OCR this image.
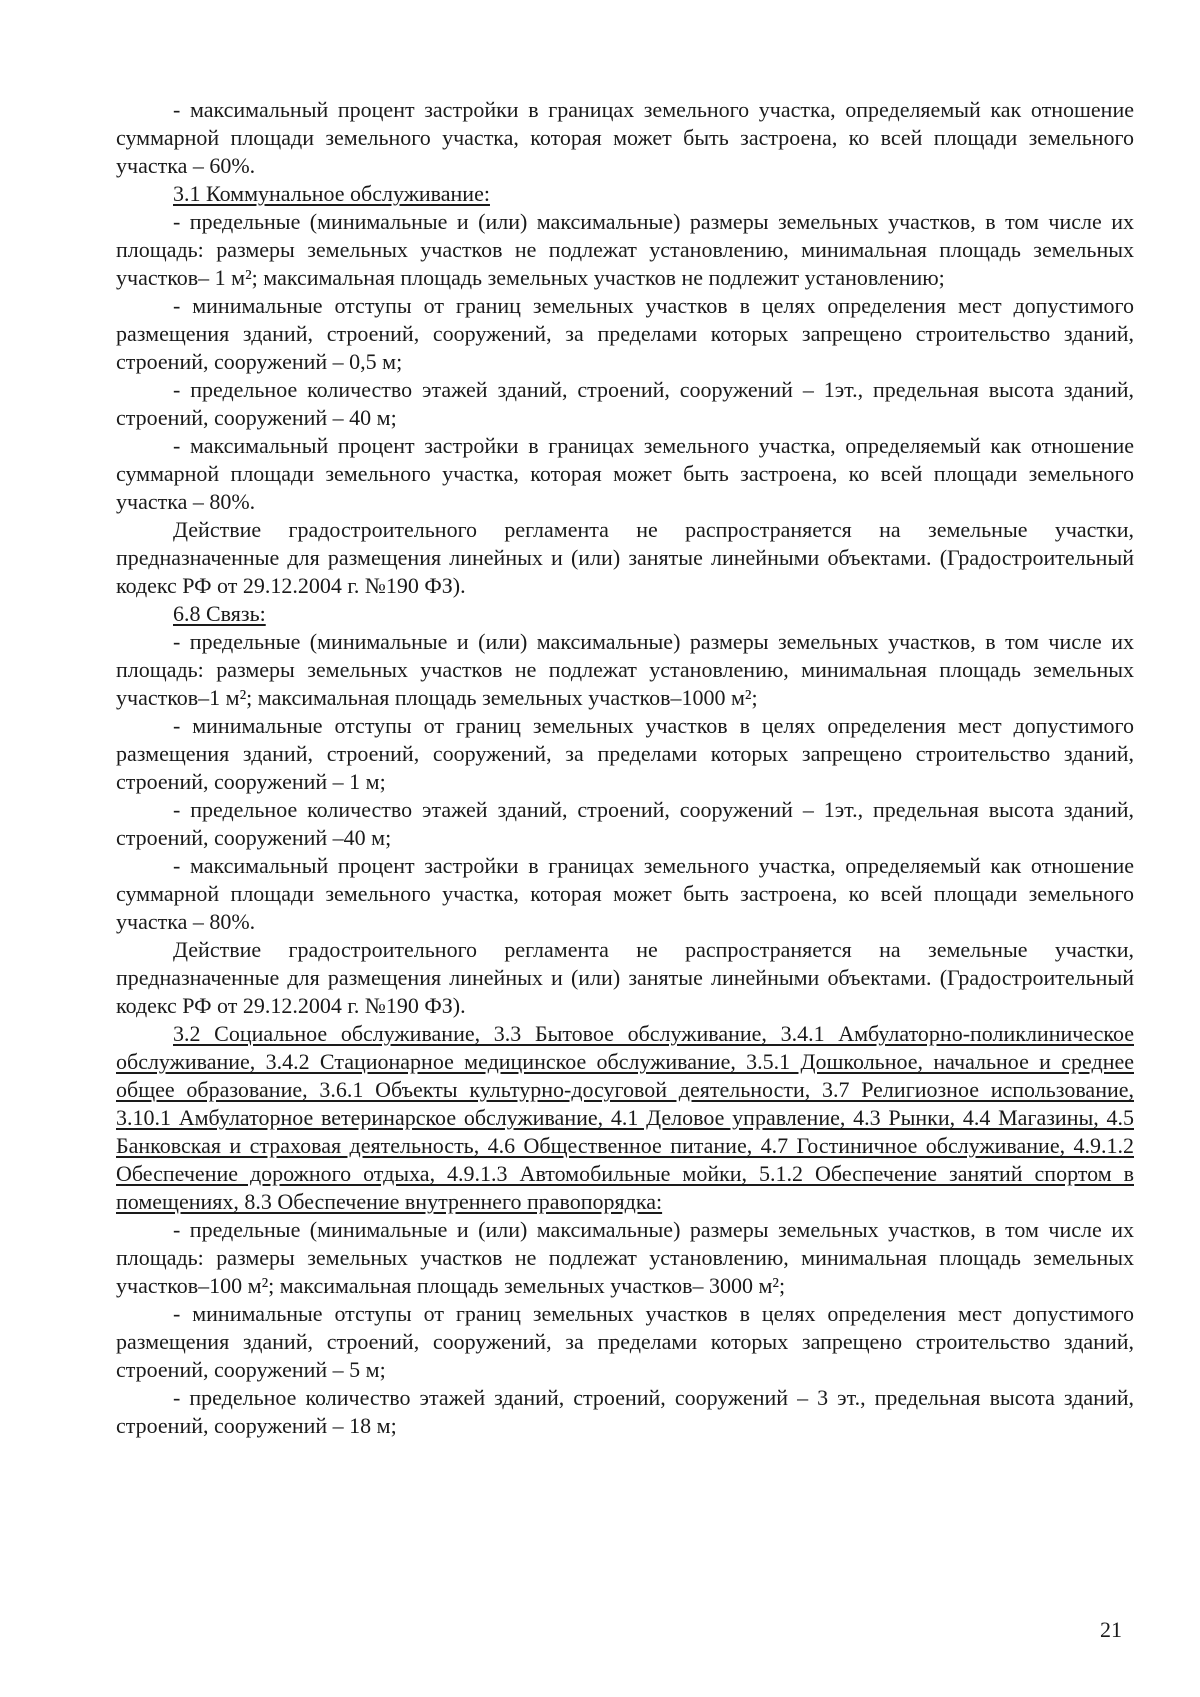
- максимальный процент застройки в границах земельного участка, определяемый как отношение суммарной площади земельного участка, которая может быть застроена, ко всей площади земельного участка – 60%.

3.1 Коммунальное обслуживание:

- предельные (минимальные и (или) максимальные) размеры земельных участков, в том числе их площадь: размеры земельных участков не подлежат установлению, минимальная площадь земельных участков– 1 м²; максимальная площадь земельных участков не подлежит установлению;

- минимальные отступы от границ земельных участков в целях определения мест допустимого размещения зданий, строений, сооружений, за пределами которых запрещено строительство зданий, строений, сооружений – 0,5 м;

- предельное количество этажей зданий, строений, сооружений – 1эт., предельная высота зданий, строений, сооружений – 40 м;

- максимальный процент застройки в границах земельного участка, определяемый как отношение суммарной площади земельного участка, которая может быть застроена, ко всей площади земельного участка – 80%.

Действие градостроительного регламента не распространяется на земельные участки, предназначенные для размещения линейных и (или) занятые линейными объектами. (Градостроительный кодекс РФ от 29.12.2004 г. №190 ФЗ).

6.8 Связь:

- предельные (минимальные и (или) максимальные) размеры земельных участков, в том числе их площадь: размеры земельных участков не подлежат установлению, минимальная площадь земельных участков–1 м²; максимальная площадь земельных участков–1000 м²;

- минимальные отступы от границ земельных участков в целях определения мест допустимого размещения зданий, строений, сооружений, за пределами которых запрещено строительство зданий, строений, сооружений – 1 м;

- предельное количество этажей зданий, строений, сооружений – 1эт., предельная высота зданий, строений, сооружений –40 м;

- максимальный процент застройки в границах земельного участка, определяемый как отношение суммарной площади земельного участка, которая может быть застроена, ко всей площади земельного участка – 80%.

Действие градостроительного регламента не распространяется на земельные участки, предназначенные для размещения линейных и (или) занятые линейными объектами. (Градостроительный кодекс РФ от 29.12.2004 г. №190 ФЗ).

3.2 Социальное обслуживание, 3.3 Бытовое обслуживание, 3.4.1 Амбулаторно-поликлиническое обслуживание, 3.4.2 Стационарное медицинское обслуживание, 3.5.1 Дошкольное, начальное и среднее общее образование, 3.6.1 Объекты культурно-досуговой деятельности, 3.7 Религиозное использование, 3.10.1 Амбулаторное ветеринарское обслуживание, 4.1 Деловое управление, 4.3 Рынки, 4.4 Магазины, 4.5 Банковская и страховая деятельность, 4.6 Общественное питание, 4.7 Гостиничное обслуживание, 4.9.1.2 Обеспечение дорожного отдыха, 4.9.1.3 Автомобильные мойки, 5.1.2 Обеспечение занятий спортом в помещениях, 8.3 Обеспечение внутреннего правопорядка:

- предельные (минимальные и (или) максимальные) размеры земельных участков, в том числе их площадь: размеры земельных участков не подлежат установлению, минимальная площадь земельных участков–100 м²; максимальная площадь земельных участков– 3000 м²;

- минимальные отступы от границ земельных участков в целях определения мест допустимого размещения зданий, строений, сооружений, за пределами которых запрещено строительство зданий, строений, сооружений – 5 м;

- предельное количество этажей зданий, строений, сооружений – 3 эт., предельная высота зданий, строений, сооружений – 18 м;

21
